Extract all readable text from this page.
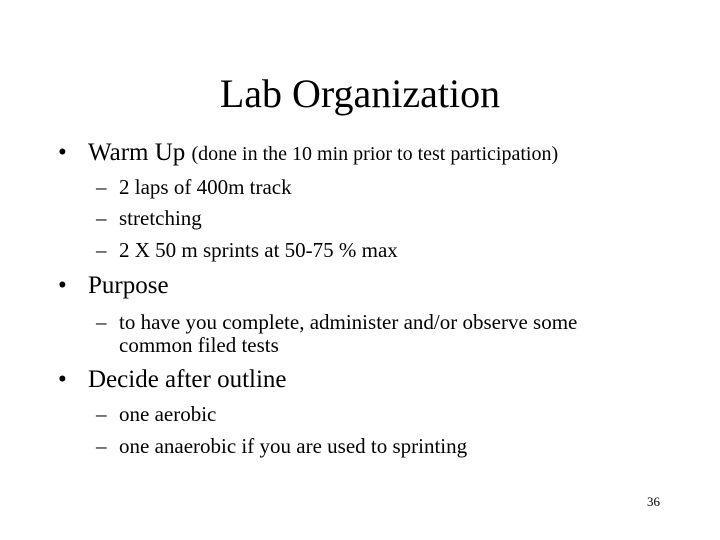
Lab Organization
• Warm Up (done in the 10 min prior to test participation)
– 2 laps of 400m track
– stretching
– 2 X 50 m sprints at 50-75 % max
• Purpose
– to have you complete, administer and/or observe some common filed tests
• Decide after outline
– one aerobic
– one anaerobic if you are used to sprinting
36
